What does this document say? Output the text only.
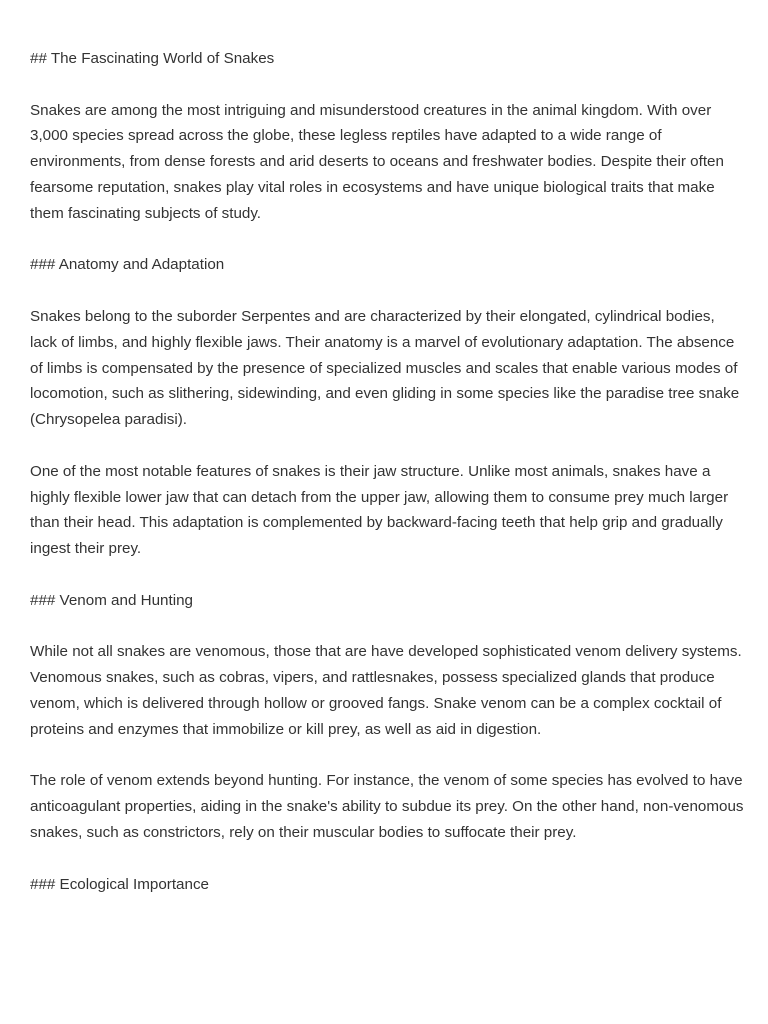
## The Fascinating World of Snakes
Snakes are among the most intriguing and misunderstood creatures in the animal kingdom. With over 3,000 species spread across the globe, these legless reptiles have adapted to a wide range of environments, from dense forests and arid deserts to oceans and freshwater bodies. Despite their often fearsome reputation, snakes play vital roles in ecosystems and have unique biological traits that make them fascinating subjects of study.
### Anatomy and Adaptation
Snakes belong to the suborder Serpentes and are characterized by their elongated, cylindrical bodies, lack of limbs, and highly flexible jaws. Their anatomy is a marvel of evolutionary adaptation. The absence of limbs is compensated by the presence of specialized muscles and scales that enable various modes of locomotion, such as slithering, sidewinding, and even gliding in some species like the paradise tree snake (Chrysopelea paradisi).
One of the most notable features of snakes is their jaw structure. Unlike most animals, snakes have a highly flexible lower jaw that can detach from the upper jaw, allowing them to consume prey much larger than their head. This adaptation is complemented by backward-facing teeth that help grip and gradually ingest their prey.
### Venom and Hunting
While not all snakes are venomous, those that are have developed sophisticated venom delivery systems. Venomous snakes, such as cobras, vipers, and rattlesnakes, possess specialized glands that produce venom, which is delivered through hollow or grooved fangs. Snake venom can be a complex cocktail of proteins and enzymes that immobilize or kill prey, as well as aid in digestion.
The role of venom extends beyond hunting. For instance, the venom of some species has evolved to have anticoagulant properties, aiding in the snake's ability to subdue its prey. On the other hand, non-venomous snakes, such as constrictors, rely on their muscular bodies to suffocate their prey.
### Ecological Importance
